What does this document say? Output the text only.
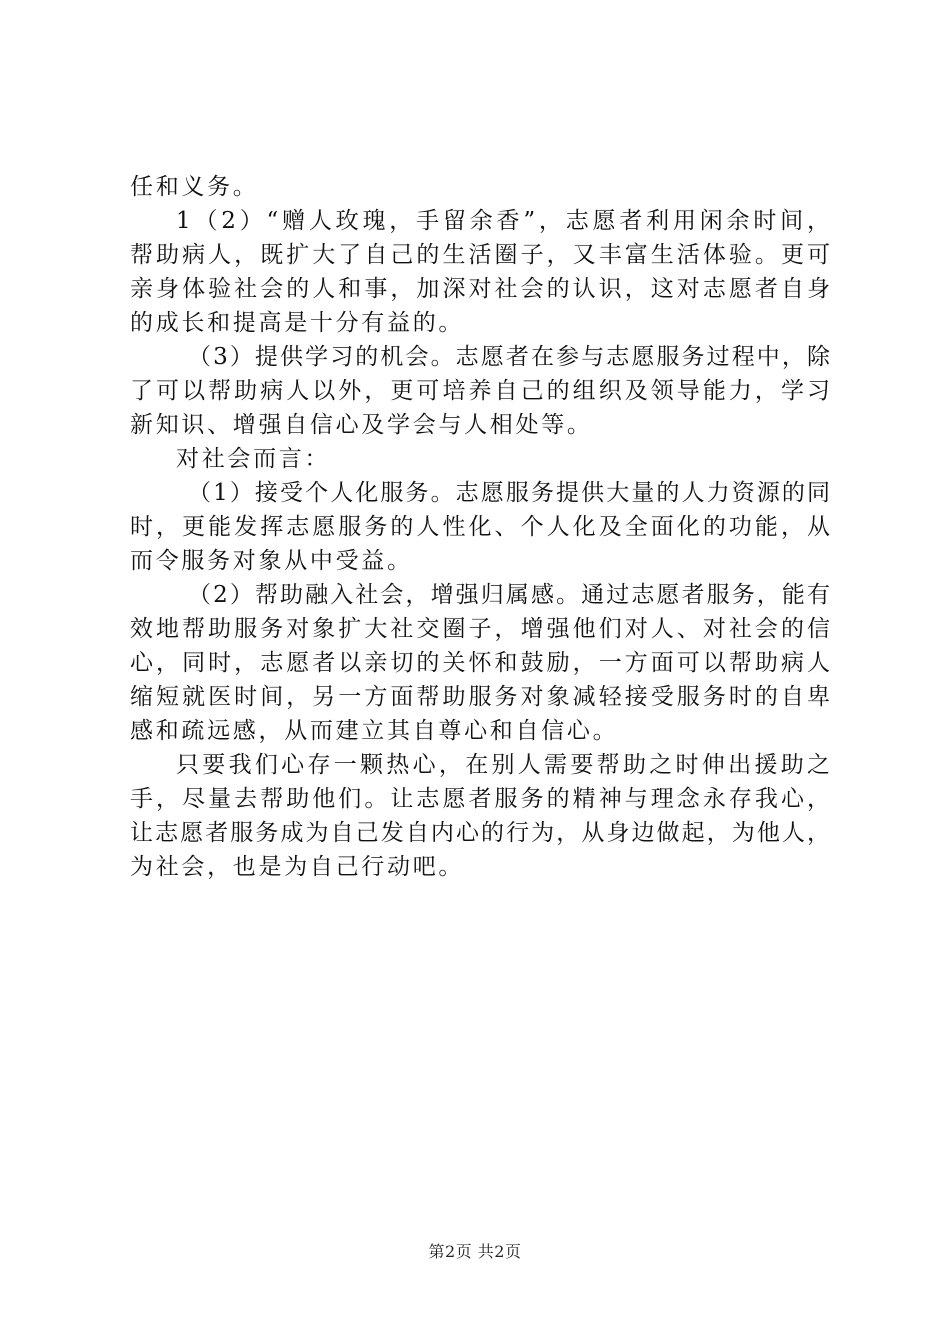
任和义务。
1（2）“赠人玫瑰，手留余香”，志愿者利用闲余时间，
帮助病人，既扩大了自己的生活圈子，又丰富生活体验。更可
亲身体验社会的人和事，加深对社会的认识，这对志愿者自身
的成长和提高是十分有益的。
（3）提供学习的机会。志愿者在参与志愿服务过程中，除
了可以帮助病人以外，更可培养自己的组织及领导能力，学习
新知识、增强自信心及学会与人相处等。
对社会而言：
（1）接受个人化服务。志愿服务提供大量的人力资源的同
时，更能发挥志愿服务的人性化、个人化及全面化的功能，从
而令服务对象从中受益。
（2）帮助融入社会，增强归属感。通过志愿者服务，能有
效地帮助服务对象扩大社交圈子，增强他们对人、对社会的信
心，同时，志愿者以亲切的关怀和鼓励，一方面可以帮助病人
缩短就医时间，另一方面帮助服务对象减轻接受服务时的自卑
感和疏远感，从而建立其自尊心和自信心。
只要我们心存一颗热心，在别人需要帮助之时伸出援助之
手，尽量去帮助他们。让志愿者服务的精神与理念永存我心，
让志愿者服务成为自己发自内心的行为，从身边做起，为他人，
为社会，也是为自己行动吧。
第2页 共2页
